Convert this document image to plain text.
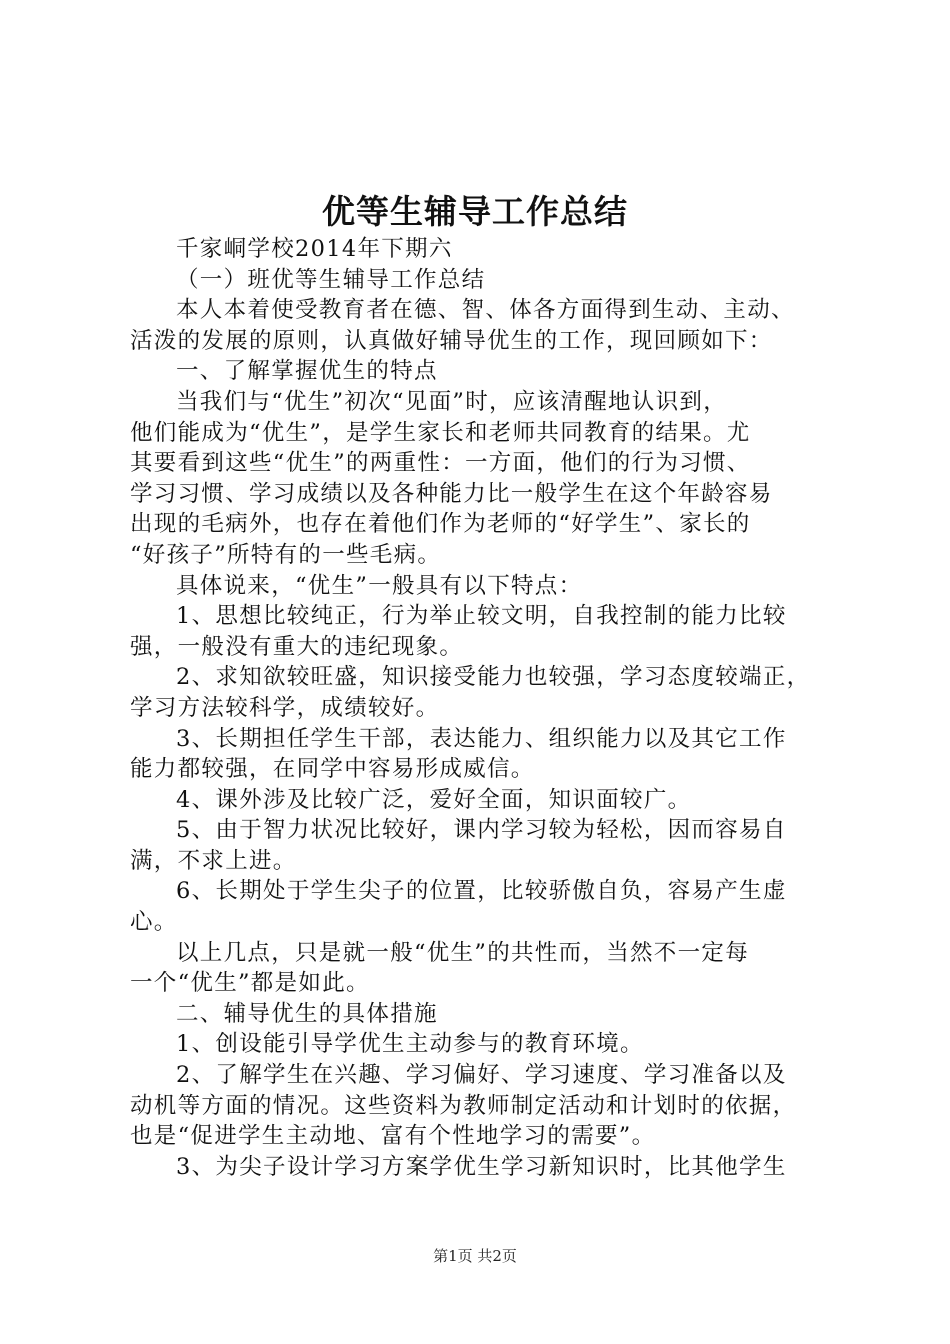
优等生辅导工作总结
千家峒学校2014年下期六
（一）班优等生辅导工作总结
本人本着使受教育者在德、智、体各方面得到生动、主动、
活泼的发展的原则，认真做好辅导优生的工作，现回顾如下：
一、了解掌握优生的特点
当我们与“优生”初次“见面”时，应该清醒地认识到，
他们能成为“优生”，是学生家长和老师共同教育的结果。尤
其要看到这些“优生”的两重性：一方面，他们的行为习惯、
学习习惯、学习成绩以及各种能力比一般学生在这个年龄容易
出现的毛病外，也存在着他们作为老师的“好学生”、家长的
“好孩子”所特有的一些毛病。
具体说来，“优生”一般具有以下特点：
1、思想比较纯正，行为举止较文明，自我控制的能力比较
强，一般没有重大的违纪现象。
2、求知欲较旺盛，知识接受能力也较强，学习态度较端正，
学习方法较科学，成绩较好。
3、长期担任学生干部，表达能力、组织能力以及其它工作
能力都较强，在同学中容易形成威信。
4、课外涉及比较广泛，爱好全面，知识面较广。
5、由于智力状况比较好，课内学习较为轻松，因而容易自
满，不求上进。
6、长期处于学生尖子的位置，比较骄傲自负，容易产生虚
心。
以上几点，只是就一般“优生”的共性而，当然不一定每
一个“优生”都是如此。
二、辅导优生的具体措施
1、创设能引导学优生主动参与的教育环境。
2、了解学生在兴趣、学习偏好、学习速度、学习准备以及
动机等方面的情况。这些资料为教师制定活动和计划时的依据，
也是“促进学生主动地、富有个性地学习的需要”。
3、为尖子设计学习方案学优生学习新知识时，比其他学生
第1页 共2页
